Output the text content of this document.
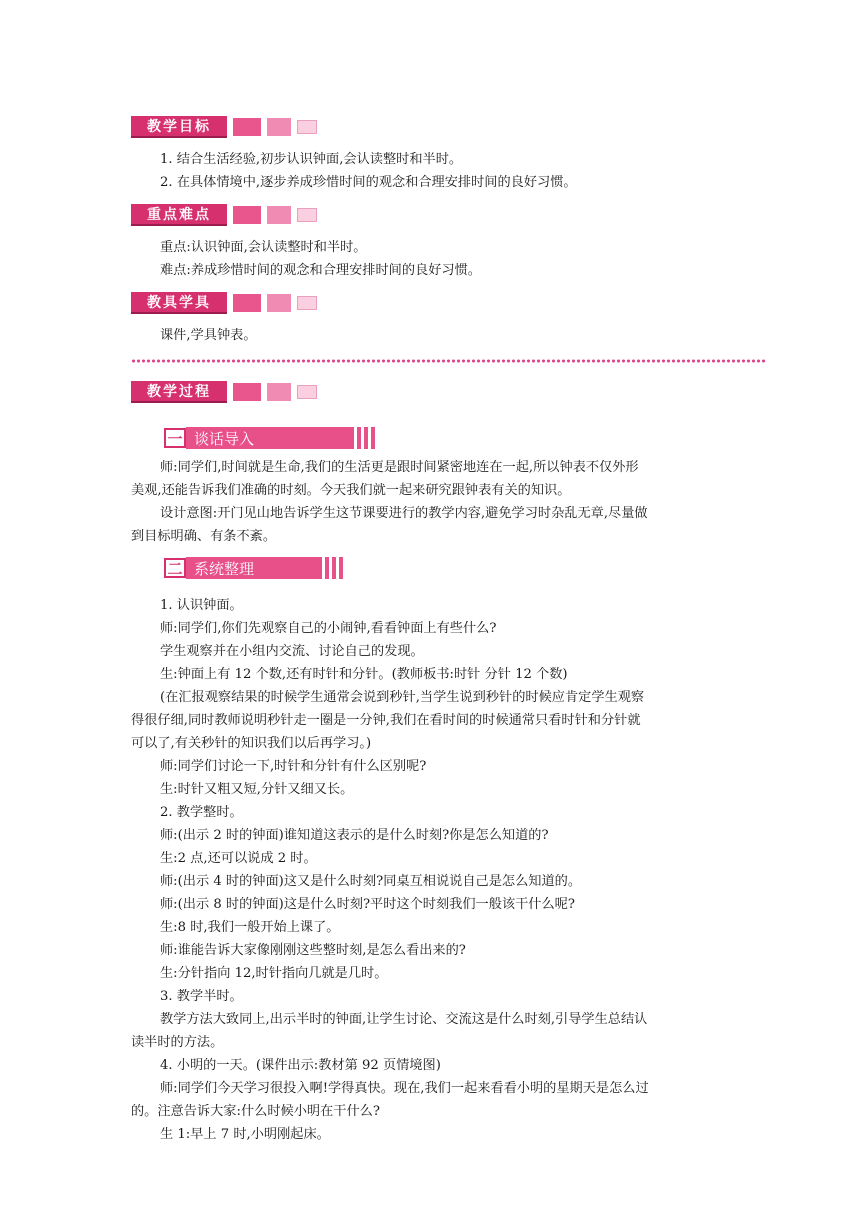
教学目标
1. 结合生活经验,初步认识钟面,会认读整时和半时。
2. 在具体情境中,逐步养成珍惜时间的观念和合理安排时间的良好习惯。
重点难点
重点:认识钟面,会认读整时和半时。
难点:养成珍惜时间的观念和合理安排时间的良好习惯。
教具学具
课件,学具钟表。
教学过程
一 谈话导入
师:同学们,时间就是生命,我们的生活更是跟时间紧密地连在一起,所以钟表不仅外形
美观,还能告诉我们准确的时刻。今天我们就一起来研究跟钟表有关的知识。
设计意图:开门见山地告诉学生这节课要进行的教学内容,避免学习时杂乱无章,尽量做
到目标明确、有条不紊。
二 系统整理
1. 认识钟面。
师:同学们,你们先观察自己的小闹钟,看看钟面上有些什么?
学生观察并在小组内交流、讨论自己的发现。
生:钟面上有 12 个数,还有时针和分针。(教师板书:时针 分针 12 个数)
(在汇报观察结果的时候学生通常会说到秒针,当学生说到秒针的时候应肯定学生观察
得很仔细,同时教师说明秒针走一圈是一分钟,我们在看时间的时候通常只看时针和分针就
可以了,有关秒针的知识我们以后再学习。)
师:同学们讨论一下,时针和分针有什么区别呢?
生:时针又粗又短,分针又细又长。
2. 教学整时。
师:(出示 2 时的钟面)谁知道这表示的是什么时刻?你是怎么知道的?
生:2 点,还可以说成 2 时。
师:(出示 4 时的钟面)这又是什么时刻?同桌互相说说自己是怎么知道的。
师:(出示 8 时的钟面)这是什么时刻?平时这个时刻我们一般该干什么呢?
生:8 时,我们一般开始上课了。
师:谁能告诉大家像刚刚这些整时刻,是怎么看出来的?
生:分针指向 12,时针指向几就是几时。
3. 教学半时。
教学方法大致同上,出示半时的钟面,让学生讨论、交流这是什么时刻,引导学生总结认
读半时的方法。
4. 小明的一天。(课件出示:教材第 92 页情境图)
师:同学们今天学习很投入啊!学得真快。现在,我们一起来看看小明的星期天是怎么过
的。注意告诉大家:什么时候小明在干什么?
生 1:早上 7 时,小明刚起床。
